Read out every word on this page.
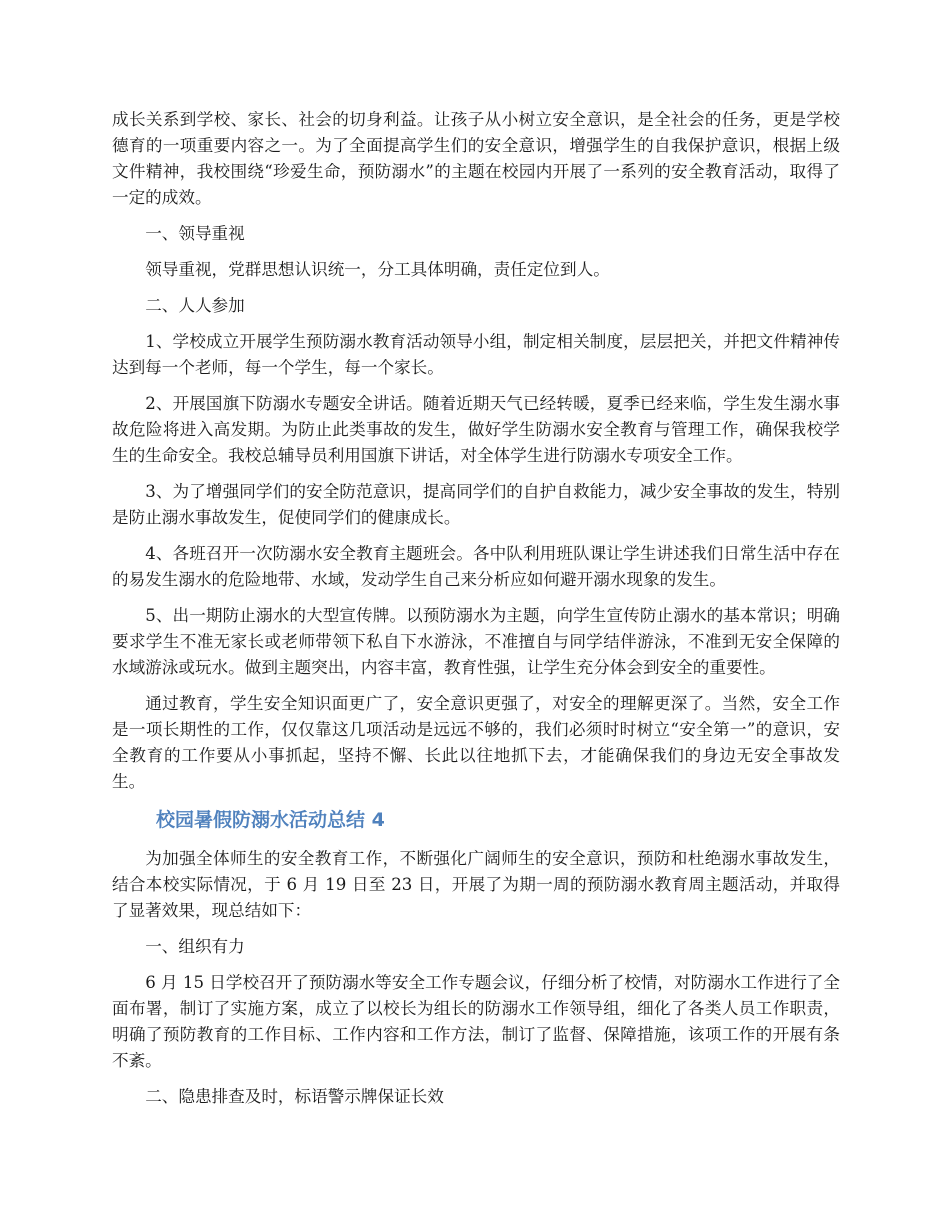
成长关系到学校、家长、社会的切身利益。让孩子从小树立安全意识，是全社会的任务，更是学校德育的一项重要内容之一。为了全面提高学生们的安全意识，增强学生的自我保护意识，根据上级文件精神，我校围绕“珍爱生命，预防溺水”的主题在校园内开展了一系列的安全教育活动，取得了一定的成效。

一、领导重视

领导重视，党群思想认识统一，分工具体明确，责任定位到人。

二、人人参加

1、学校成立开展学生预防溺水教育活动领导小组，制定相关制度，层层把关，并把文件精神传达到每一个老师，每一个学生，每一个家长。

2、开展国旗下防溺水专题安全讲话。随着近期天气已经转暖，夏季已经来临，学生发生溺水事故危险将进入高发期。为防止此类事故的发生，做好学生防溺水安全教育与管理工作，确保我校学生的生命安全。我校总辅导员利用国旗下讲话，对全体学生进行防溺水专项安全工作。

3、为了增强同学们的安全防范意识，提高同学们的自护自救能力，减少安全事故的发生，特别是防止溺水事故发生，促使同学们的健康成长。

4、各班召开一次防溺水安全教育主题班会。各中队利用班队课让学生讲述我们日常生活中存在的易发生溺水的危险地带、水域，发动学生自己来分析应如何避开溺水现象的发生。

5、出一期防止溺水的大型宣传牌。以预防溺水为主题，向学生宣传防止溺水的基本常识；明确要求学生不准无家长或老师带领下私自下水游泳，不准擅自与同学结伴游泳，不准到无安全保障的水域游泳或玩水。做到主题突出，内容丰富，教育性强，让学生充分体会到安全的重要性。

通过教育，学生安全知识面更广了，安全意识更强了，对安全的理解更深了。当然，安全工作是一项长期性的工作，仅仅靠这几项活动是远远不够的，我们必须时时树立“安全第一”的意识，安全教育的工作要从小事抓起，坚持不懈、长此以往地抓下去，才能确保我们的身边无安全事故发生。

校园暑假防溺水活动总结 4

为加强全体师生的安全教育工作，不断强化广阔师生的安全意识，预防和杜绝溺水事故发生，结合本校实际情况，于 6 月 19 日至 23 日，开展了为期一周的预防溺水教育周主题活动，并取得了显著效果，现总结如下：

一、组织有力

6 月 15 日学校召开了预防溺水等安全工作专题会议，仔细分析了校情，对防溺水工作进行了全面布署，制订了实施方案，成立了以校长为组长的防溺水工作领导组，细化了各类人员工作职责，明确了预防教育的工作目标、工作内容和工作方法，制订了监督、保障措施，该项工作的开展有条不紊。

二、隐患排查及时，标语警示牌保证长效
